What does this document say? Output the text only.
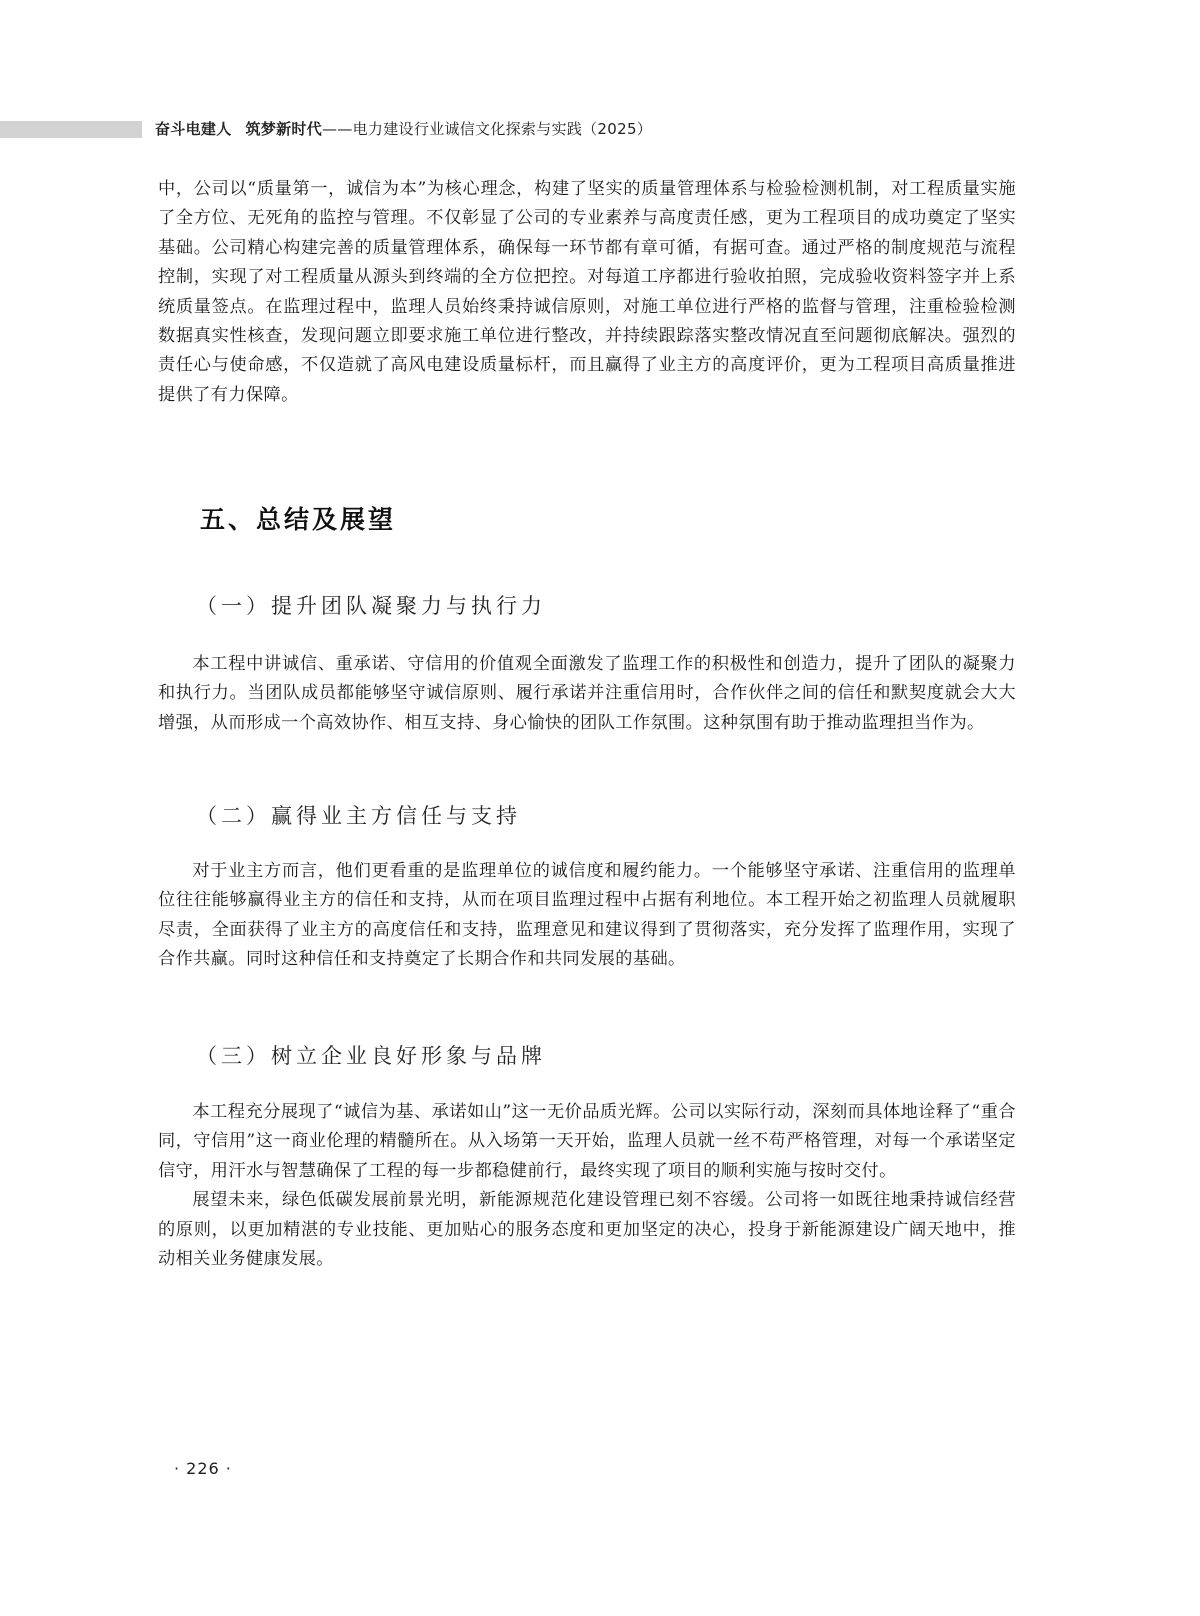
奋斗电建人 筑梦新时代——电力建设行业诚信文化探索与实践（2025）

中，公司以“质量第一，诚信为本”为核心理念，构建了坚实的质量管理体系与检验检测机制，对工程质量实施了全方位、无死角的监控与管理。不仅彰显了公司的专业素养与高度责任感，更为工程项目的成功奠定了坚实基础。公司精心构建完善的质量管理体系，确保每一环节都有章可循，有据可查。通过严格的制度规范与流程控制，实现了对工程质量从源头到终端的全方位把控。对每道工序都进行验收拍照，完成验收资料签字并上系统质量签点。在监理过程中，监理人员始终秉持诚信原则，对施工单位进行严格的监督与管理，注重检验检测数据真实性核查，发现问题立即要求施工单位进行整改，并持续跟踪落实整改情况直至问题彻底解决。强烈的责任心与使命感，不仅造就了高风电建设质量标杆，而且赢得了业主方的高度评价，更为工程项目高质量推进提供了有力保障。

五、总结及展望
（一）提升团队凝聚力与执行力

本工程中讲诚信、重承诺、守信用的价值观全面激发了监理工作的积极性和创造力，提升了团队的凝聚力和执行力。当团队成员都能够坚守诚信原则、履行承诺并注重信用时，合作伙伴之间的信任和默契度就会大大增强，从而形成一个高效协作、相互支持、身心愉快的团队工作氛围。这种氛围有助于推动监理担当作为。

（二）赢得业主方信任与支持

对于业主方而言，他们更看重的是监理单位的诚信度和履约能力。一个能够坚守承诺、注重信用的监理单位往往能够赢得业主方的信任和支持，从而在项目监理过程中占据有利地位。本工程开始之初监理人员就履职尽责，全面获得了业主方的高度信任和支持，监理意见和建议得到了贯彻落实，充分发挥了监理作用，实现了合作共赢。同时这种信任和支持奠定了长期合作和共同发展的基础。

（三）树立企业良好形象与品牌

本工程充分展现了“诚信为基、承诺如山”这一无价品质光辉。公司以实际行动，深刻而具体地诠释了“重合同，守信用”这一商业伦理的精髓所在。从入场第一天开始，监理人员就一丝不苟严格管理，对每一个承诺坚定信守，用汗水与智慧确保了工程的每一步都稳健前行，最终实现了项目的顺利实施与按时交付。

展望未来，绿色低碳发展前景光明，新能源规范化建设管理已刻不容缓。公司将一如既往地秉持诚信经营的原则，以更加精湛的专业技能、更加贴心的服务态度和更加坚定的决心，投身于新能源建设广阔天地中，推动相关业务健康发展。

· 226 ·
